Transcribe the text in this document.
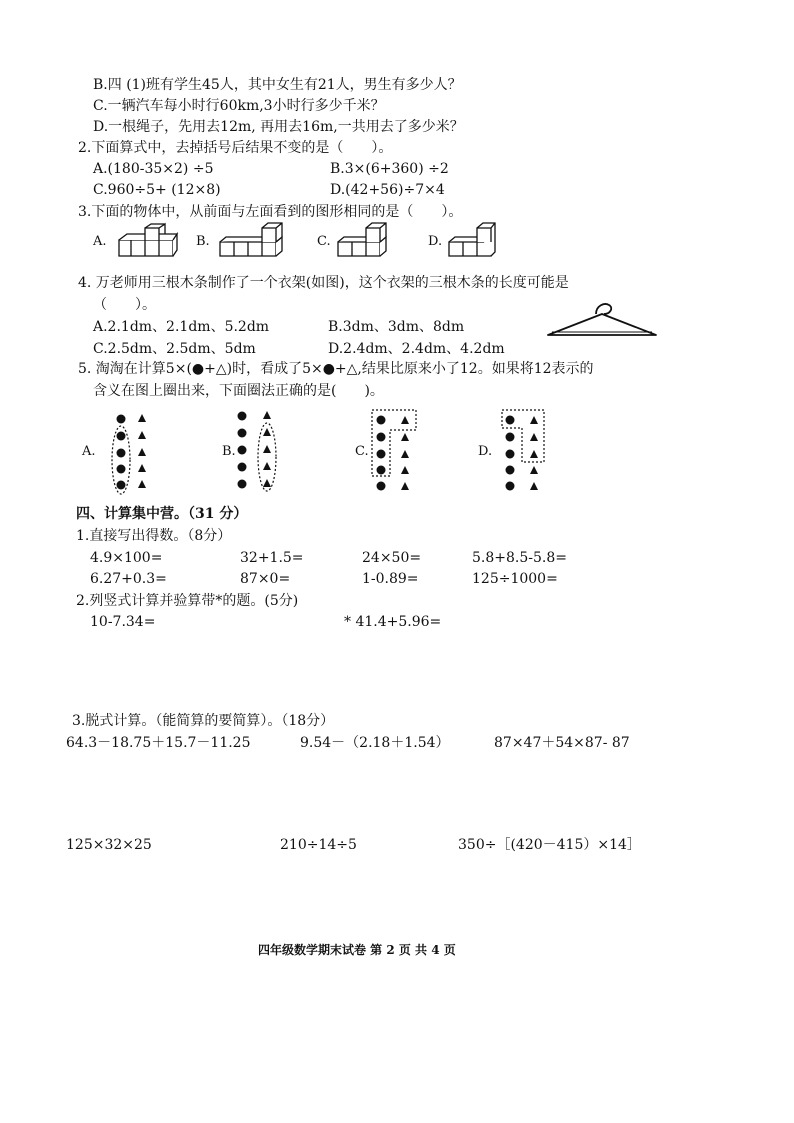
B.四 (1)班有学生45人，其中女生有21人，男生有多少人？
C.一辆汽车每小时行60km,3小时行多少千米？
D.一根绳子，先用去12m, 再用去16m,一共用去了多少米？
2.下面算式中，去掉括号后结果不变的是（　　）。
A.(180-35×2) ÷5	B.3×(6+360) ÷2
C.960÷5+ (12×8)	D.(42+56)÷7×4
3.下面的物体中，从前面与左面看到的图形相同的是（　　）。
A.	B.	C.	D.
4. 万老师用三根木条制作了一个衣架(如图)，这个衣架的三根木条的长度可能是
（　　）。
A.2.1dm、2.1dm、5.2dm	B.3dm、3dm、8dm
C.2.5dm、2.5dm、5dm	D.2.4dm、2.4dm、4.2dm
5. 淘淘在计算5×(●+△)时，看成了5×●+△,结果比原来小了12。如果将12表示的
含义在图上圈出来，下面圈法正确的是(　　)。
A.	B.	C.	D.
四、计算集中营。（31 分）
1.直接写出得数。（8分）
4.9×100=	32+1.5=	24×50=	5.8+8.5-5.8=
6.27+0.3=	87×0=	1-0.89=	125÷1000=
2.列竖式计算并验算带*的题。(5分)
10-7.34=	* 41.4+5.96=
3.脱式计算。（能简算的要简算）。（18分）
64.3－18.75＋15.7－11.25	9.54－（2.18＋1.54）	87×47＋54×87- 87
125×32×25	210÷14÷5	350÷［(420－415）×14］
四年级数学期末试卷 第 2 页 共 4 页
